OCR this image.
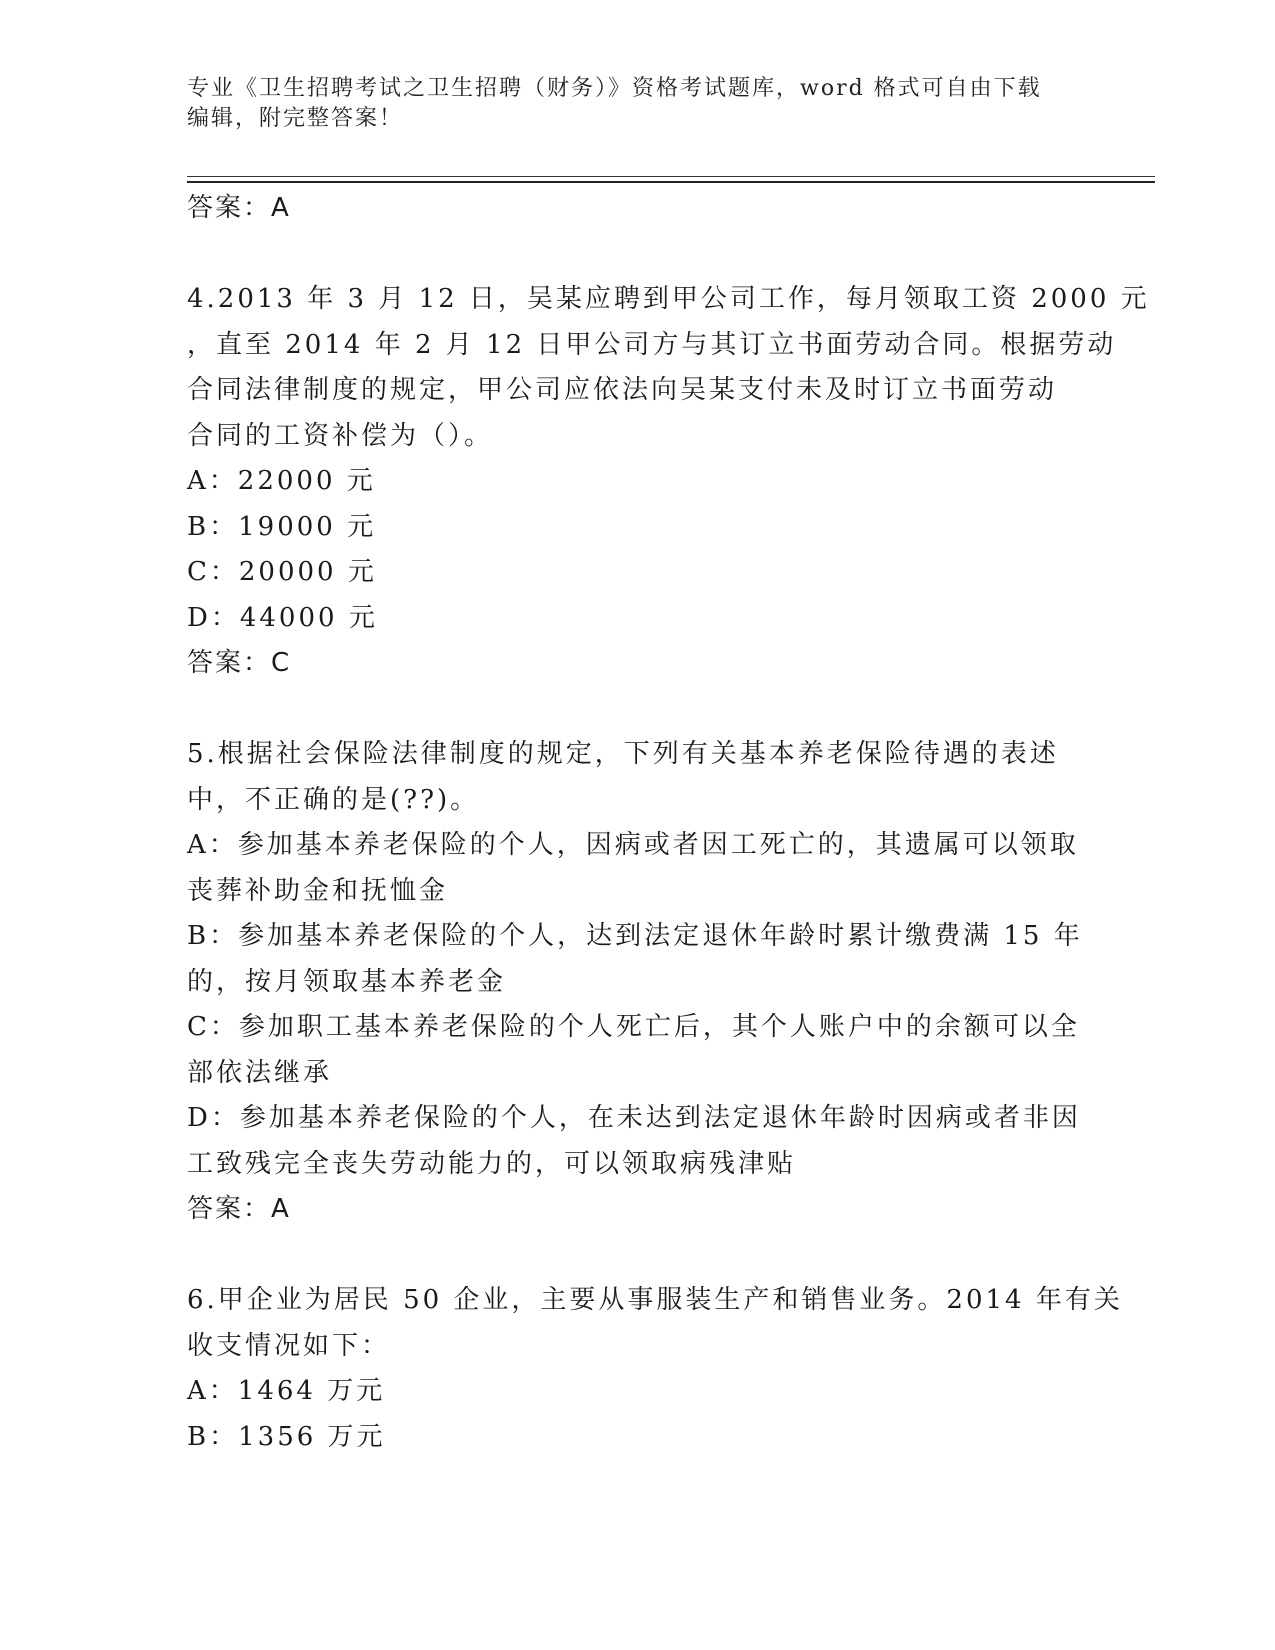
专业《卫生招聘考试之卫生招聘（财务）》资格考试题库，word 格式可自由下载
编辑，附完整答案！
答案：A
4.2013 年 3 月 12 日，吴某应聘到甲公司工作，每月领取工资 2000 元
，直至 2014 年 2 月 12 日甲公司方与其订立书面劳动合同。根据劳动
合同法律制度的规定，甲公司应依法向吴某支付未及时订立书面劳动
合同的工资补偿为（）。
A：22000 元
B：19000 元
C：20000 元
D：44000 元
答案：C
5.根据社会保险法律制度的规定，下列有关基本养老保险待遇的表述
中，不正确的是(??)。
A：参加基本养老保险的个人，因病或者因工死亡的，其遗属可以领取
丧葬补助金和抚恤金
B：参加基本养老保险的个人，达到法定退休年龄时累计缴费满 15 年
的，按月领取基本养老金
C：参加职工基本养老保险的个人死亡后，其个人账户中的余额可以全
部依法继承
D：参加基本养老保险的个人，在未达到法定退休年龄时因病或者非因
工致残完全丧失劳动能力的，可以领取病残津贴
答案：A
6.甲企业为居民 50 企业，主要从事服装生产和销售业务。2014 年有关
收支情况如下：
A：1464 万元
B：1356 万元
